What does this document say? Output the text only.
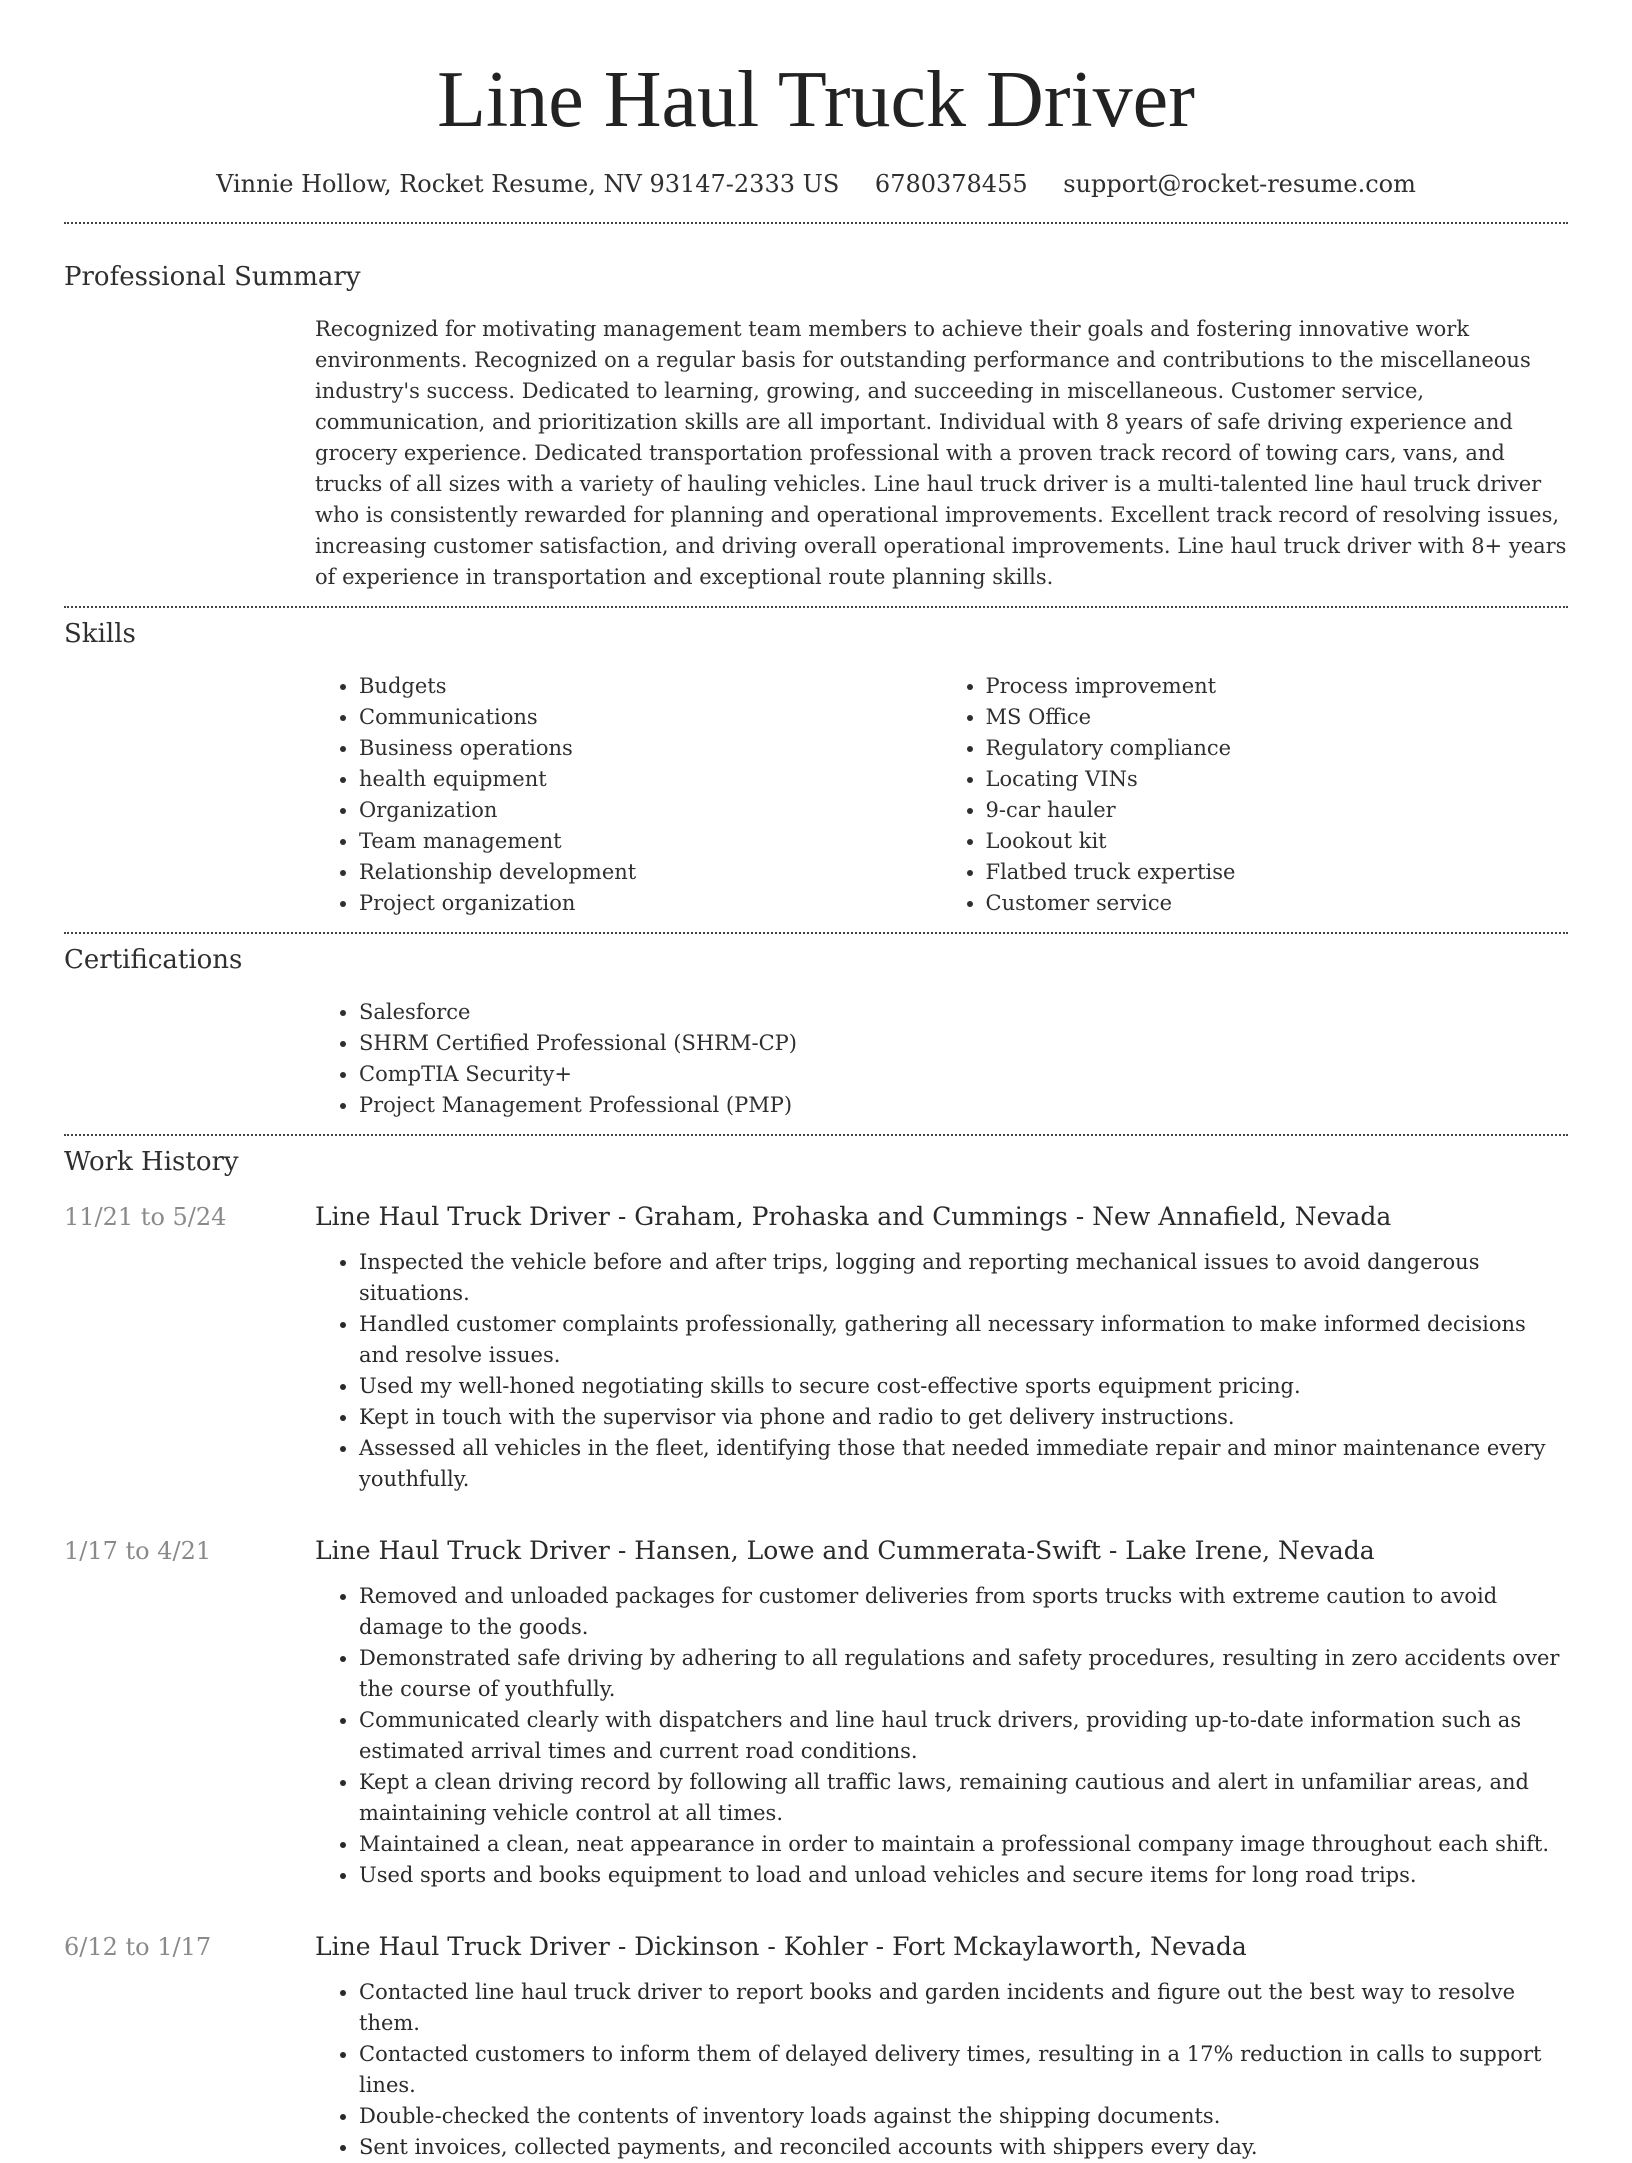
Line Haul Truck Driver
Vinnie Hollow, Rocket Resume, NV 93147-2333 US 6780378455 support@rocket-resume.com
Professional Summary

Recognized for motivating management team members to achieve their goals and fostering innovative work environments. Recognized on a regular basis for outstanding performance and contributions to the miscellaneous industry's success. Dedicated to learning, growing, and succeeding in miscellaneous. Customer service, communication, and prioritization skills are all important. Individual with 8 years of safe driving experience and grocery experience. Dedicated transportation professional with a proven track record of towing cars, vans, and trucks of all sizes with a variety of hauling vehicles. Line haul truck driver is a multi-talented line haul truck driver who is consistently rewarded for planning and operational improvements. Excellent track record of resolving issues, increasing customer satisfaction, and driving overall operational improvements. Line haul truck driver with 8+ years of experience in transportation and exceptional route planning skills.

Skills
• Budgets
• Communications
• Business operations
• health equipment
• Organization
• Team management
• Relationship development
• Project organization
• Process improvement
• MS Office
• Regulatory compliance
• Locating VINs
• 9-car hauler
• Lookout kit
• Flatbed truck expertise
• Customer service
Certifications
• Salesforce
• SHRM Certified Professional (SHRM-CP)
• CompTIA Security+
• Project Management Professional (PMP)
Work History
11/21 to 5/24	Line Haul Truck Driver - Graham, Prohaska and Cummings - New Annafield, Nevada
• Inspected the vehicle before and after trips, logging and reporting mechanical issues to avoid dangerous situations.
• Handled customer complaints professionally, gathering all necessary information to make informed decisions and resolve issues.
• Used my well-honed negotiating skills to secure cost-effective sports equipment pricing.
• Kept in touch with the supervisor via phone and radio to get delivery instructions.
• Assessed all vehicles in the fleet, identifying those that needed immediate repair and minor maintenance every youthfully.
1/17 to 4/21	Line Haul Truck Driver - Hansen, Lowe and Cummerata-Swift - Lake Irene, Nevada
• Removed and unloaded packages for customer deliveries from sports trucks with extreme caution to avoid damage to the goods.
• Demonstrated safe driving by adhering to all regulations and safety procedures, resulting in zero accidents over the course of youthfully.
• Communicated clearly with dispatchers and line haul truck drivers, providing up-to-date information such as estimated arrival times and current road conditions.
• Kept a clean driving record by following all traffic laws, remaining cautious and alert in unfamiliar areas, and maintaining vehicle control at all times.
• Maintained a clean, neat appearance in order to maintain a professional company image throughout each shift.
• Used sports and books equipment to load and unload vehicles and secure items for long road trips.
6/12 to 1/17	Line Haul Truck Driver - Dickinson - Kohler - Fort Mckaylaworth, Nevada
• Contacted line haul truck driver to report books and garden incidents and figure out the best way to resolve them.
• Contacted customers to inform them of delayed delivery times, resulting in a 17% reduction in calls to support lines.
• Double-checked the contents of inventory loads against the shipping documents.
• Sent invoices, collected payments, and reconciled accounts with shippers every day.
